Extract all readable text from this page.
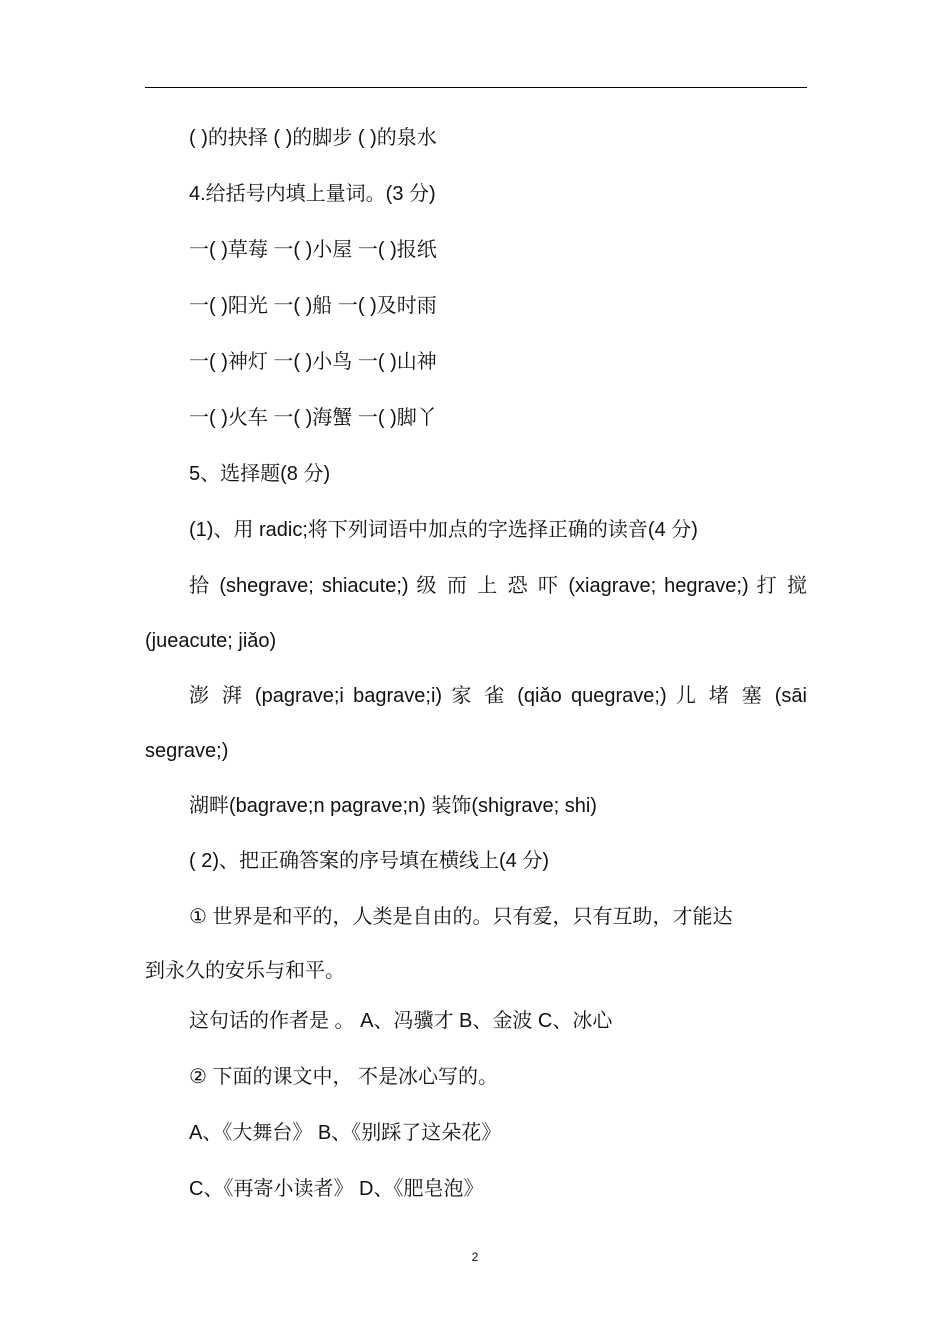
( )的抉择 ( )的脚步 ( )的泉水
4.给括号内填上量词。(3 分)
一( )草莓 一( )小屋 一( )报纸
一( )阳光 一( )船 一( )及时雨
一( )神灯 一( )小鸟 一( )山神
一( )火车 一( )海蟹 一( )脚丫
5、选择题(8 分)
(1)、用 radic;将下列词语中加点的字选择正确的读音(4 分)
拾 (shegrave; shiacute;) 级 而 上 恐 吓 (xiagrave; hegrave;) 打 搅
(jueacute; jiǎo)
澎 湃 (pagrave;i bagrave;i) 家 雀 (qiǎo quegrave;) 儿 堵 塞 (sāi
segrave;)
湖畔(bagrave;n pagrave;n) 装饰(shigrave; shi)
( 2)、把正确答案的序号填在横线上(4 分)
① 世界是和平的，人类是自由的。只有爱，只有互助，才能达
到永久的安乐与和平。
这句话的作者是 。 A、冯骥才 B、金波 C、冰心
② 下面的课文中， 不是冰心写的。
A、《大舞台》 B、《别踩了这朵花》
C、《再寄小读者》 D、《肥皂泡》
2
